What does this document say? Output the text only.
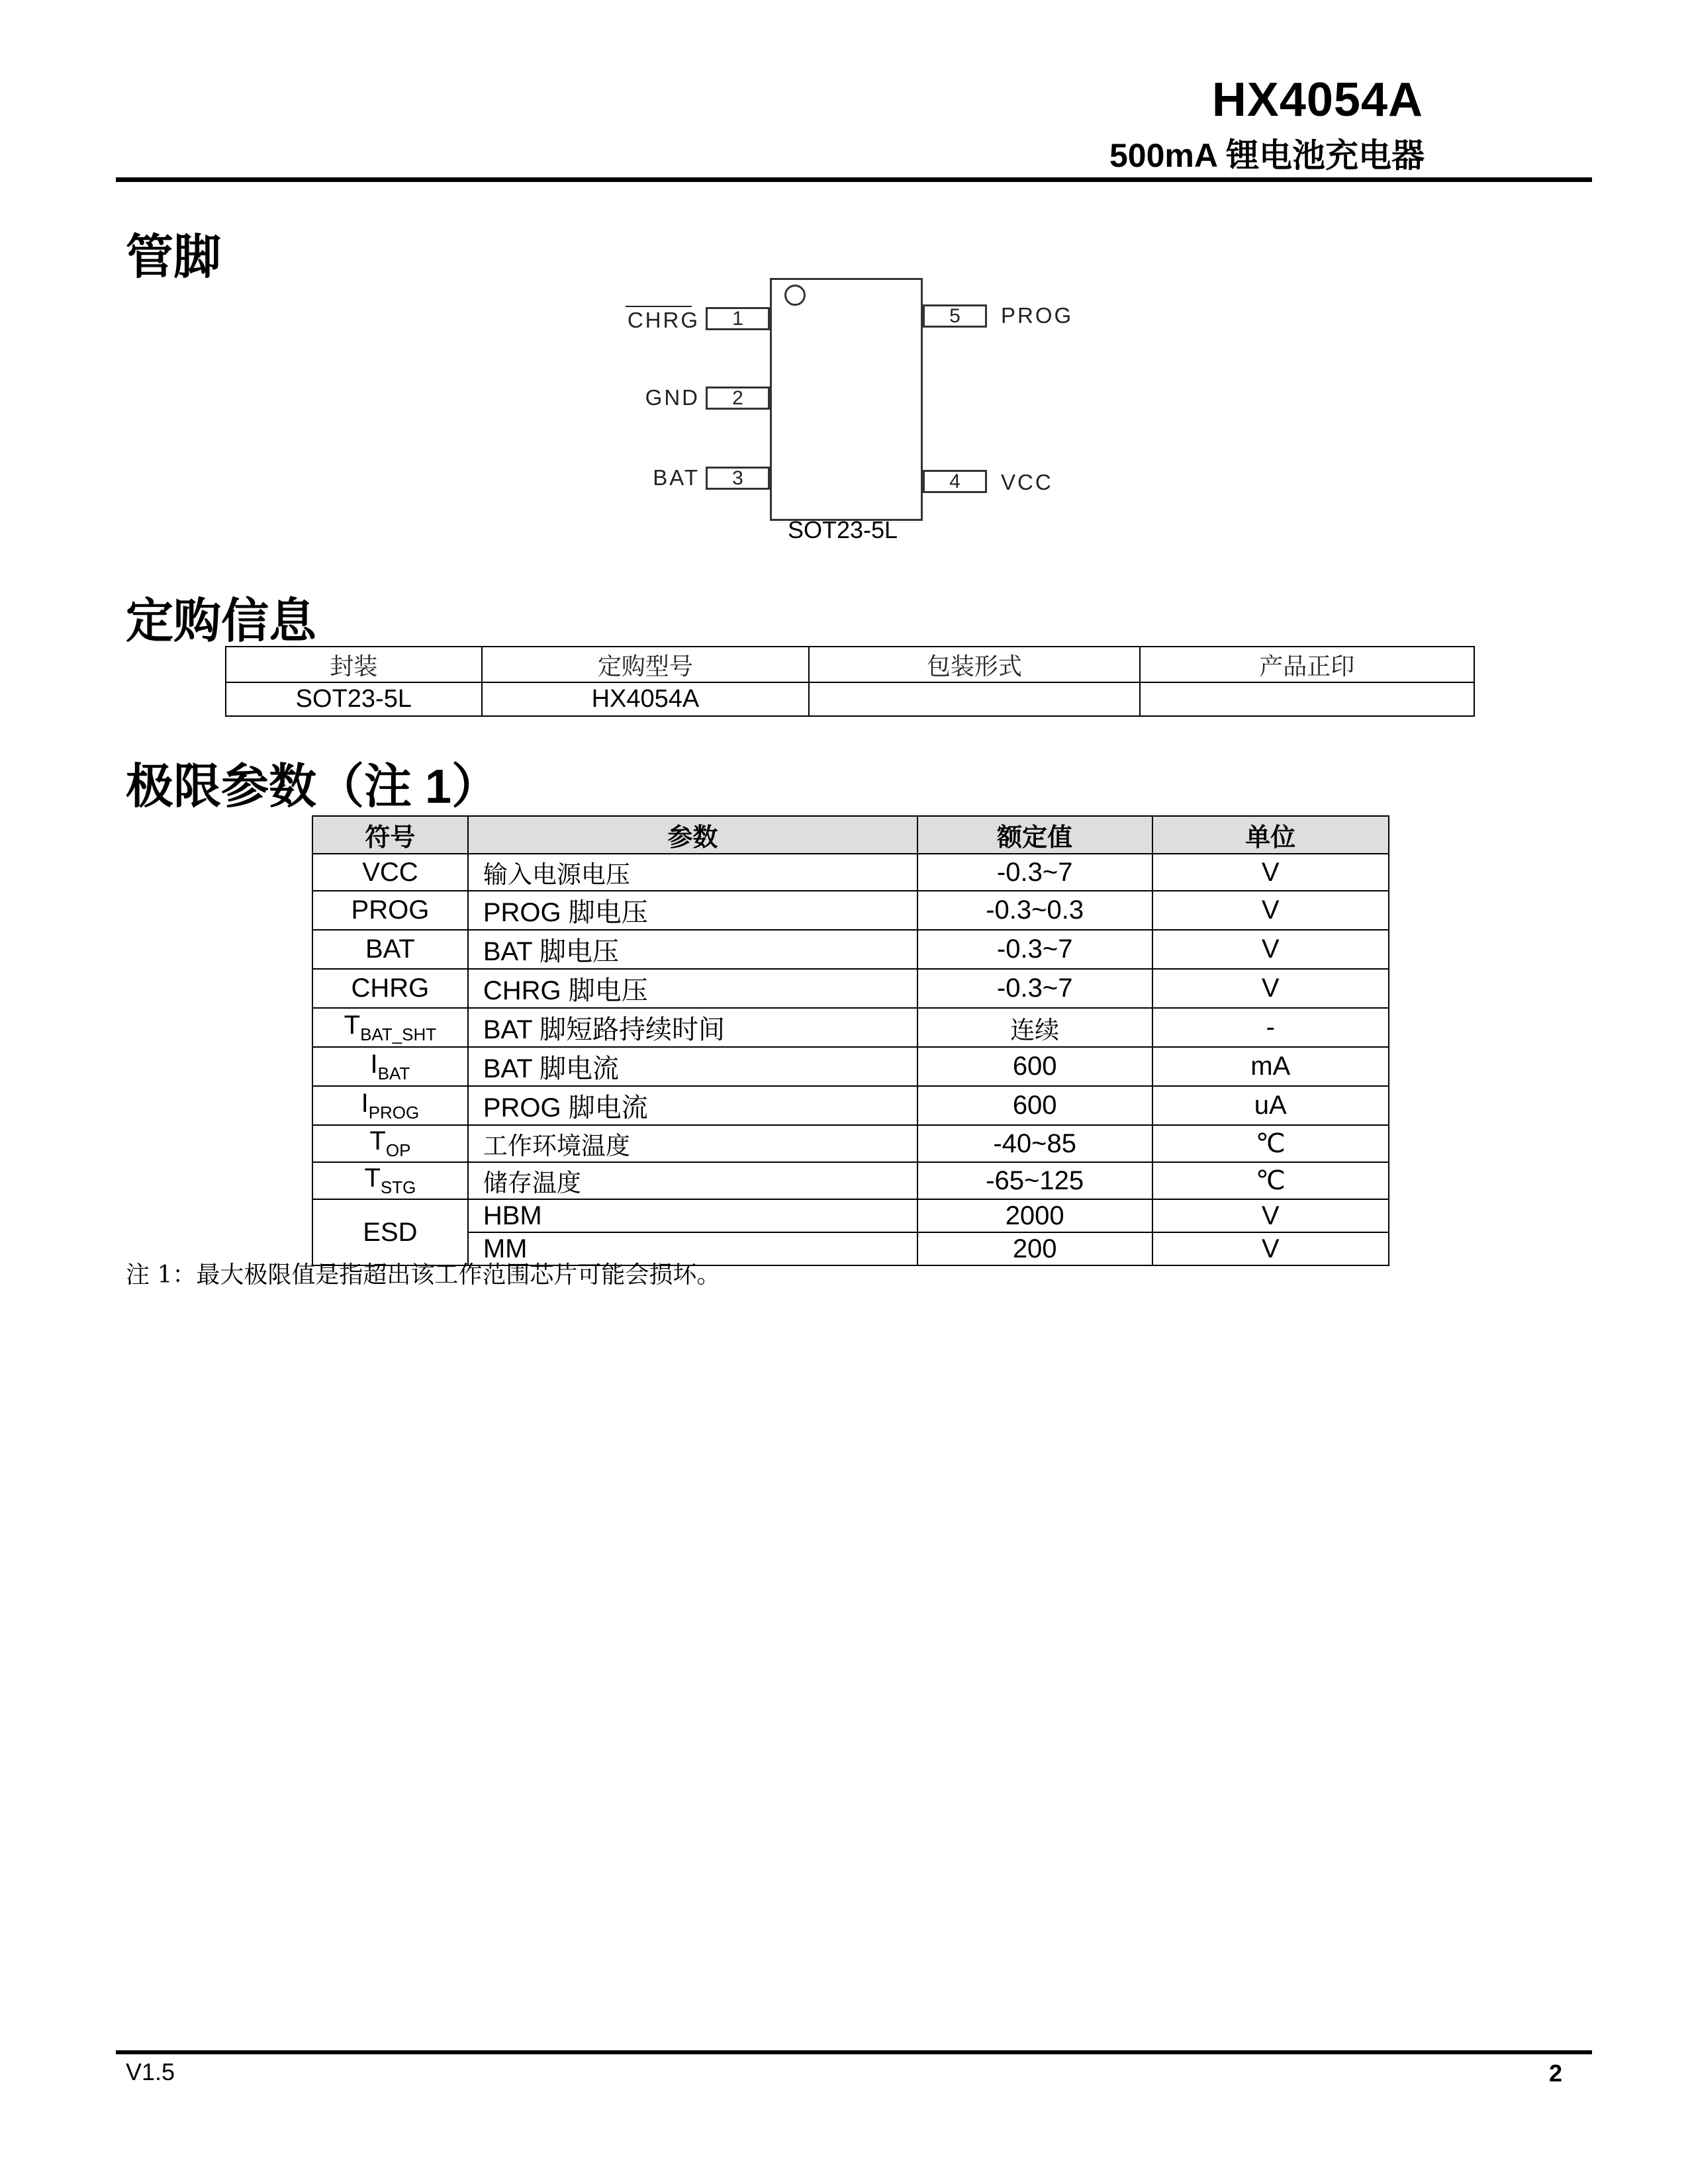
HX4054A
500mA 锂电池充电器
管脚
CHRG	1
GND	2
BAT	3
5	PROG
4	VCC
SOT23-5L
定购信息
封装	定购型号	包装形式	产品正印
SOT23-5L	HX4054A		
极限参数（注 1）
符号	参数	额定值	单位
VCC	输入电源电压	-0.3~7	V
PROG	PROG 脚电压	-0.3~0.3	V
BAT	BAT 脚电压	-0.3~7	V
CHRG	CHRG 脚电压	-0.3~7	V
$T_{BAT\_SHT}$	BAT 脚短路持续时间	连续	-
$I_{BAT}$	BAT 脚电流	600	mA
$I_{PROG}$	PROG 脚电流	600	uA
$T_{OP}$	工作环境温度	-40~85	℃
$T_{STG}$	储存温度	-65~125	℃
ESD	HBM	2000	V
	MM	200	V
注 1：最大极限值是指超出该工作范围芯片可能会损坏。
V1.5	2
